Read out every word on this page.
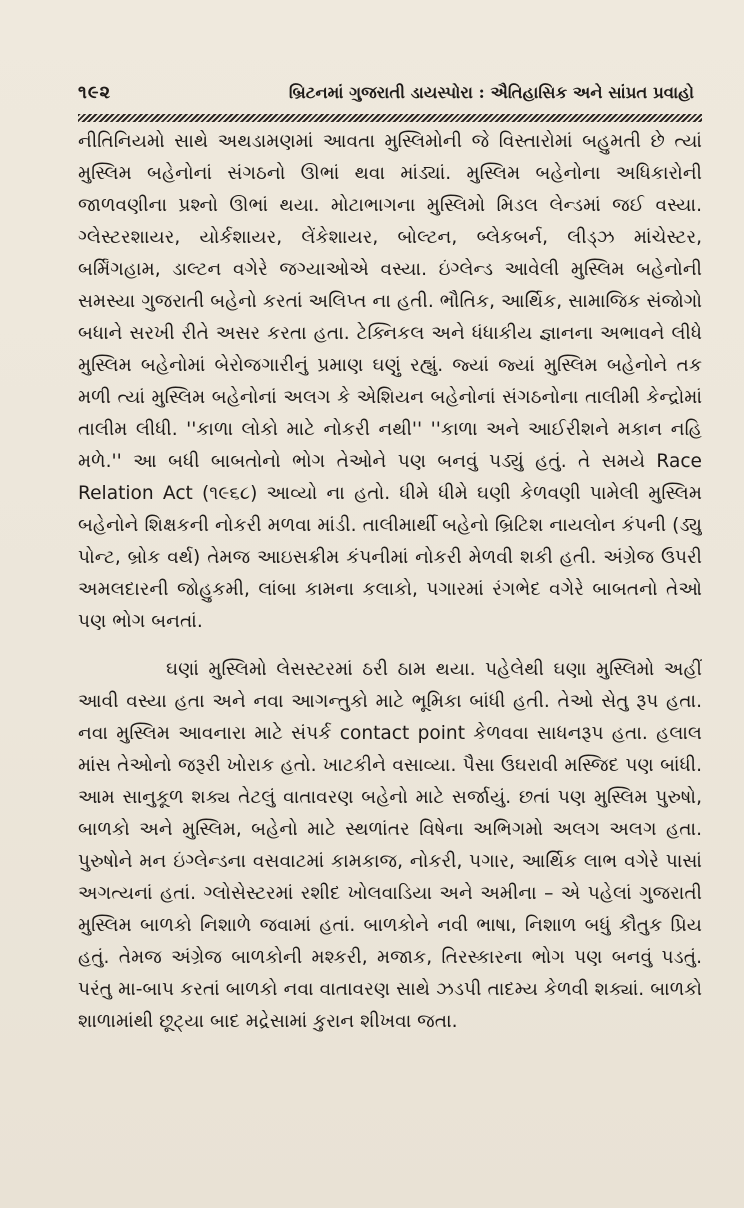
૧૯૨	બ્રિટનમાં ગુજરાતી ડાયસ્પોરા : ઐતિહાસિક અને સાંપ્રત પ્રવાહો

નીતિનિયમો સાથે અથડામણમાં આવતા મુસ્લિમોની જે વિસ્તારોમાં બહુમતી છે ત્યાં મુસ્લિમ બહેનોનાં સંગઠનો ઊભાં થવા માંડ્યાં. મુસ્લિમ બહેનોના અધિકારોની જાળવણીના પ્રશ્નો ઊભાં થયા. મોટાભાગના મુસ્લિમો મિડલ લેન્ડમાં જઈ વસ્યા. ગ્લેસ્ટરશાયર, યોર્કશાયર, લેંકેશાયર, બોલ્ટન, બ્લેકબર્ન, લીડ્ઝ માંચેસ્ટર, બર્મિંગહામ, ડાલ્ટન વગેરે જગ્યાઓએ વસ્યા. ઇંગ્લેન્ડ આવેલી મુસ્લિમ બહેનોની સમસ્યા ગુજરાતી બહેનો કરતાં અલિપ્ત ના હતી. ભૌતિક, આર્થિક, સામાજિક સંજોગો બધાને સરખી રીતે અસર કરતા હતા. ટેક્નિકલ અને ધંધાકીય જ્ઞાનના અભાવને લીધે મુસ્લિમ બહેનોમાં બેરોજગારીનું પ્રમાણ ઘણું રહ્યું. જ્યાં જ્યાં મુસ્લિમ બહેનોને તક મળી ત્યાં મુસ્લિમ બહેનોનાં અલગ કે એશિયન બહેનોનાં સંગઠનોના તાલીમી કેન્દ્રોમાં તાલીમ લીધી. ''કાળા લોકો માટે નોકરી નથી'' ''કાળા અને આઈરીશને મકાન નહિ મળે.'' આ બધી બાબતોનો ભોગ તેઓને પણ બનવું પડ્યું હતું. તે સમયે Race Relation Act (૧૯૬૮) આવ્યો ના હતો. ધીમે ધીમે ઘણી કેળવણી પામેલી મુસ્લિમ બહેનોને શિક્ષકની નોકરી મળવા માંડી. તાલીમાર્થી બહેનો બ્રિટિશ નાયલોન કંપની (ડ્યુ પોન્ટ, બ્રોક વર્થ) તેમજ આઇસક્રીમ કંપનીમાં નોકરી મેળવી શકી હતી. અંગ્રેજ ઉપરી અમલદારની જોહુકમી, લાંબા કામના કલાકો, પગારમાં રંગભેદ વગેરે બાબતનો તેઓ પણ ભોગ બનતાં.

ઘણાં મુસ્લિમો લેસસ્ટરમાં ઠરી ઠામ થયા. પહેલેથી ઘણા મુસ્લિમો અહીં આવી વસ્યા હતા અને નવા આગન્તુકો માટે ભૂમિકા બાંધી હતી. તેઓ સેતુ રૂપ હતા. નવા મુસ્લિમ આવનારા માટે સંપર્ક contact point કેળવવા સાધનરૂપ હતા. હલાલ માંસ તેઓનો જરૂરી ખોરાક હતો. ખાટકીને વસાવ્યા. પૈસા ઉઘરાવી મસ્જિદ પણ બાંધી. આમ સાનુકૂળ શક્ય તેટલું વાતાવરણ બહેનો માટે સર્જાયું. છતાં પણ મુસ્લિમ પુરુષો, બાળકો અને મુસ્લિમ, બહેનો માટે સ્થળાંતર વિષેના અભિગમો અલગ અલગ હતા. પુરુષોને મન ઇંગ્લેન્ડના વસવાટમાં કામકાજ, નોકરી, પગાર, આર્થિક લાભ વગેરે પાસાં અગત્યનાં હતાં. ગ્લોસેસ્ટરમાં રશીદ ખોલવાડિયા અને અમીના – એ પહેલાં ગુજરાતી મુસ્લિમ બાળકો નિશાળે જવામાં હતાં. બાળકોને નવી ભાષા, નિશાળ બધું કૌતુક પ્રિય હતું. તેમજ અંગ્રેજ બાળકોની મશ્કરી, મજાક, તિરસ્કારના ભોગ પણ બનવું પડતું. પરંતુ મા-બાપ કરતાં બાળકો નવા વાતાવરણ સાથે ઝડપી તાદમ્ય કેળવી શક્યાં. બાળકો શાળામાંથી છૂટ્યા બાદ મદ્રેસામાં કુરાન શીખવા જતા.
